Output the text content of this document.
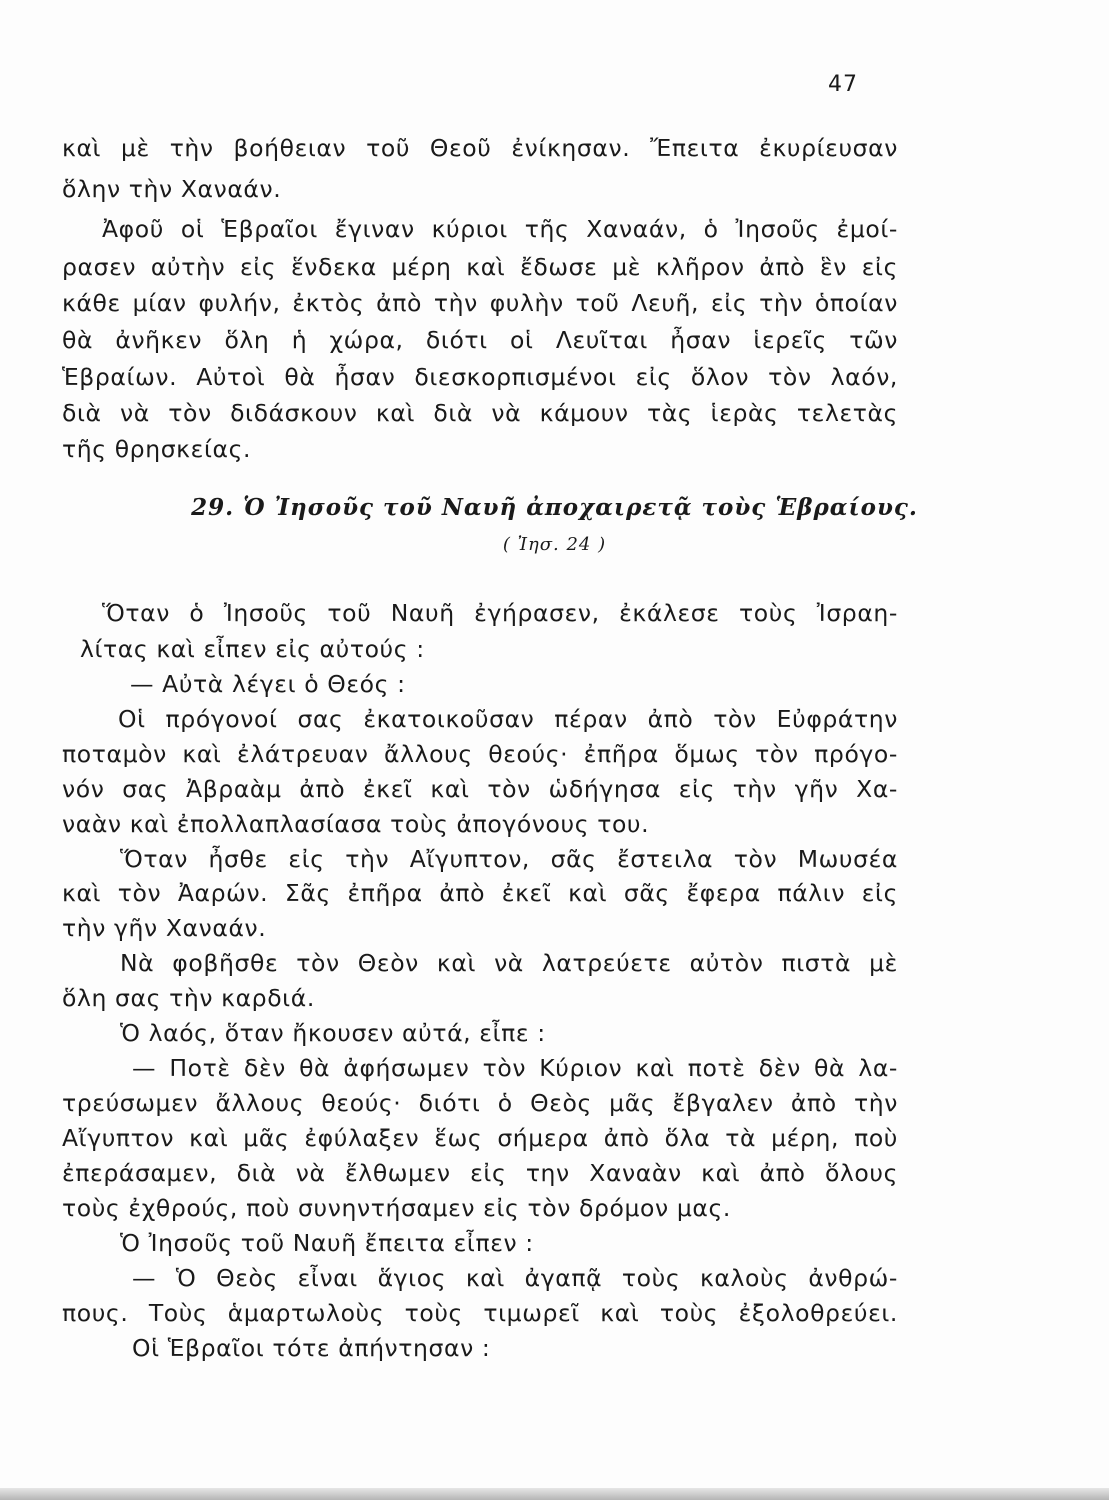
47
καὶ μὲ τὴν βοήθειαν τοῦ Θεοῦ ἐνίκησαν. Ἔπειτα ἐκυρίευσαν
ὅλην τὴν Χαναάν.
Ἀφοῦ οἱ Ἑβραῖοι ἔγιναν κύριοι τῆς Χαναάν, ὁ Ἰησοῦς ἐμοί-
ρασεν αὐτὴν εἰς ἕνδεκα μέρη καὶ ἔδωσε μὲ κλῆρον ἀπὸ ἓν εἰς
κάθε μίαν φυλήν, ἐκτὸς ἀπὸ τὴν φυλὴν τοῦ Λευῆ, εἰς τὴν ὁποίαν
θὰ ἀνῆκεν ὅλη ἡ χώρα, διότι οἱ Λευῖται ἦσαν ἱερεῖς τῶν
Ἑβραίων. Αὐτοὶ θὰ ἦσαν διεσκορπισμένοι εἰς ὅλον τὸν λαόν,
διὰ νὰ τὸν διδάσκουν καὶ διὰ νὰ κάμουν τὰς ἱερὰς τελετὰς
τῆς θρησκείας.
29. Ὁ Ἰησοῦς τοῦ Ναυῆ ἀποχαιρετᾷ τοὺς Ἑβραίους.
( Ἰησ. 24 )
Ὅταν ὁ Ἰησοῦς τοῦ Ναυῆ ἐγήρασεν, ἐκάλεσε τοὺς Ἰσραη-
λίτας καὶ εἶπεν εἰς αὐτούς :
— Αὐτὰ λέγει ὁ Θεός :
Οἱ πρόγονοί σας ἐκατοικοῦσαν πέραν ἀπὸ τὸν Εὐφράτην
ποταμὸν καὶ ἐλάτρευαν ἄλλους θεούς· ἐπῆρα ὅμως τὸν πρόγο-
νόν σας Ἀβραὰμ ἀπὸ ἐκεῖ καὶ τὸν ὡδήγησα εἰς τὴν γῆν Χα-
ναὰν καὶ ἐπολλαπλασίασα τοὺς ἀπογόνους του.
Ὅταν ἦσθε εἰς τὴν Αἴγυπτον, σᾶς ἔστειλα τὸν Μωυσέα
καὶ τὸν Ἀαρών. Σᾶς ἐπῆρα ἀπὸ ἐκεῖ καὶ σᾶς ἔφερα πάλιν εἰς
τὴν γῆν Χαναάν.
Νὰ φοβῆσθε τὸν Θεὸν καὶ νὰ λατρεύετε αὐτὸν πιστὰ μὲ
ὅλη σας τὴν καρδιά.
Ὁ λαός, ὅταν ἤκουσεν αὐτά, εἶπε :
— Ποτὲ δὲν θὰ ἀφήσωμεν τὸν Κύριον καὶ ποτὲ δὲν θὰ λα-
τρεύσωμεν ἄλλους θεούς· διότι ὁ Θεὸς μᾶς ἔβγαλεν ἀπὸ τὴν
Αἴγυπτον καὶ μᾶς ἐφύλαξεν ἕως σήμερα ἀπὸ ὅλα τὰ μέρη, ποὺ
ἐπεράσαμεν, διὰ νὰ ἔλθωμεν εἰς την Χαναὰν καὶ ἀπὸ ὅλους
τοὺς ἐχθρούς, ποὺ συνηντήσαμεν εἰς τὸν δρόμον μας.
Ὁ Ἰησοῦς τοῦ Ναυῆ ἔπειτα εἶπεν :
— Ὁ Θεὸς εἶναι ἅγιος καὶ ἀγαπᾷ τοὺς καλοὺς ἀνθρώ-
πους. Τοὺς ἁμαρτωλοὺς τοὺς τιμωρεῖ καὶ τοὺς ἐξολοθρεύει.
Οἱ Ἑβραῖοι τότε ἀπήντησαν :
